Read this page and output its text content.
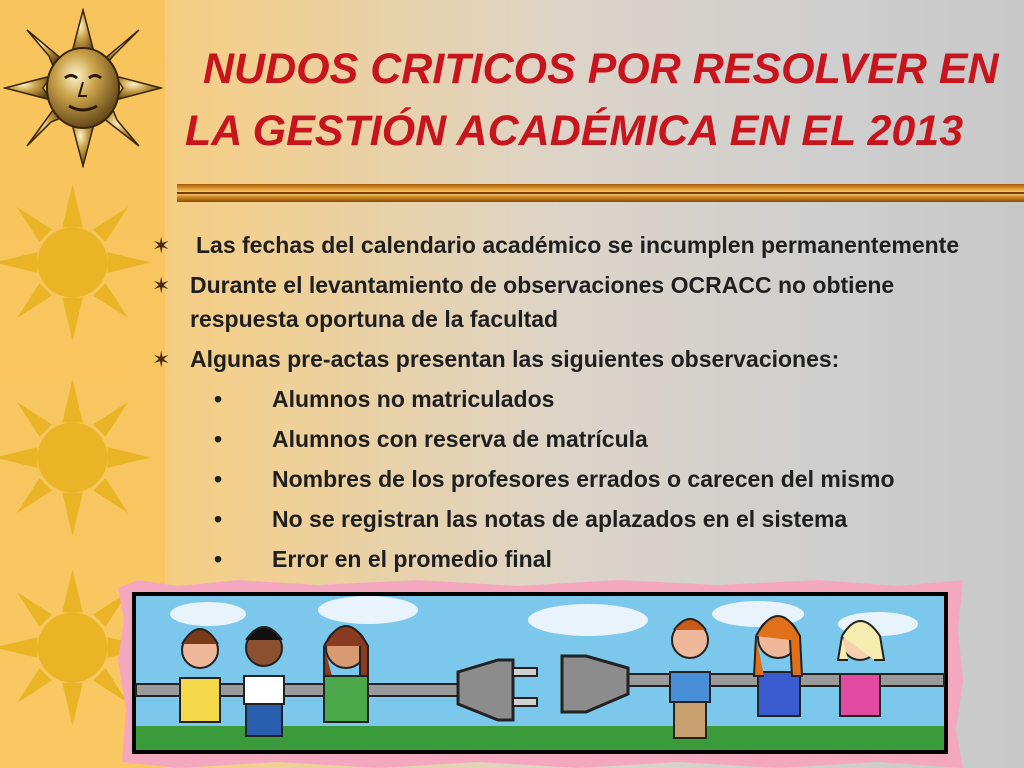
NUDOS CRITICOS POR RESOLVER EN
LA GESTIÓN ACADÉMICA EN EL 2013
✶ Las fechas del calendario académico se incumplen permanentemente
✶ Durante el levantamiento de observaciones OCRACC no obtiene respuesta oportuna de la facultad
✶ Algunas pre-actas presentan las siguientes observaciones:
• Alumnos no matriculados
• Alumnos con reserva de matrícula
• Nombres de los profesores errados o carecen del mismo
• No se registran las notas de aplazados en el sistema
• Error en el promedio final
